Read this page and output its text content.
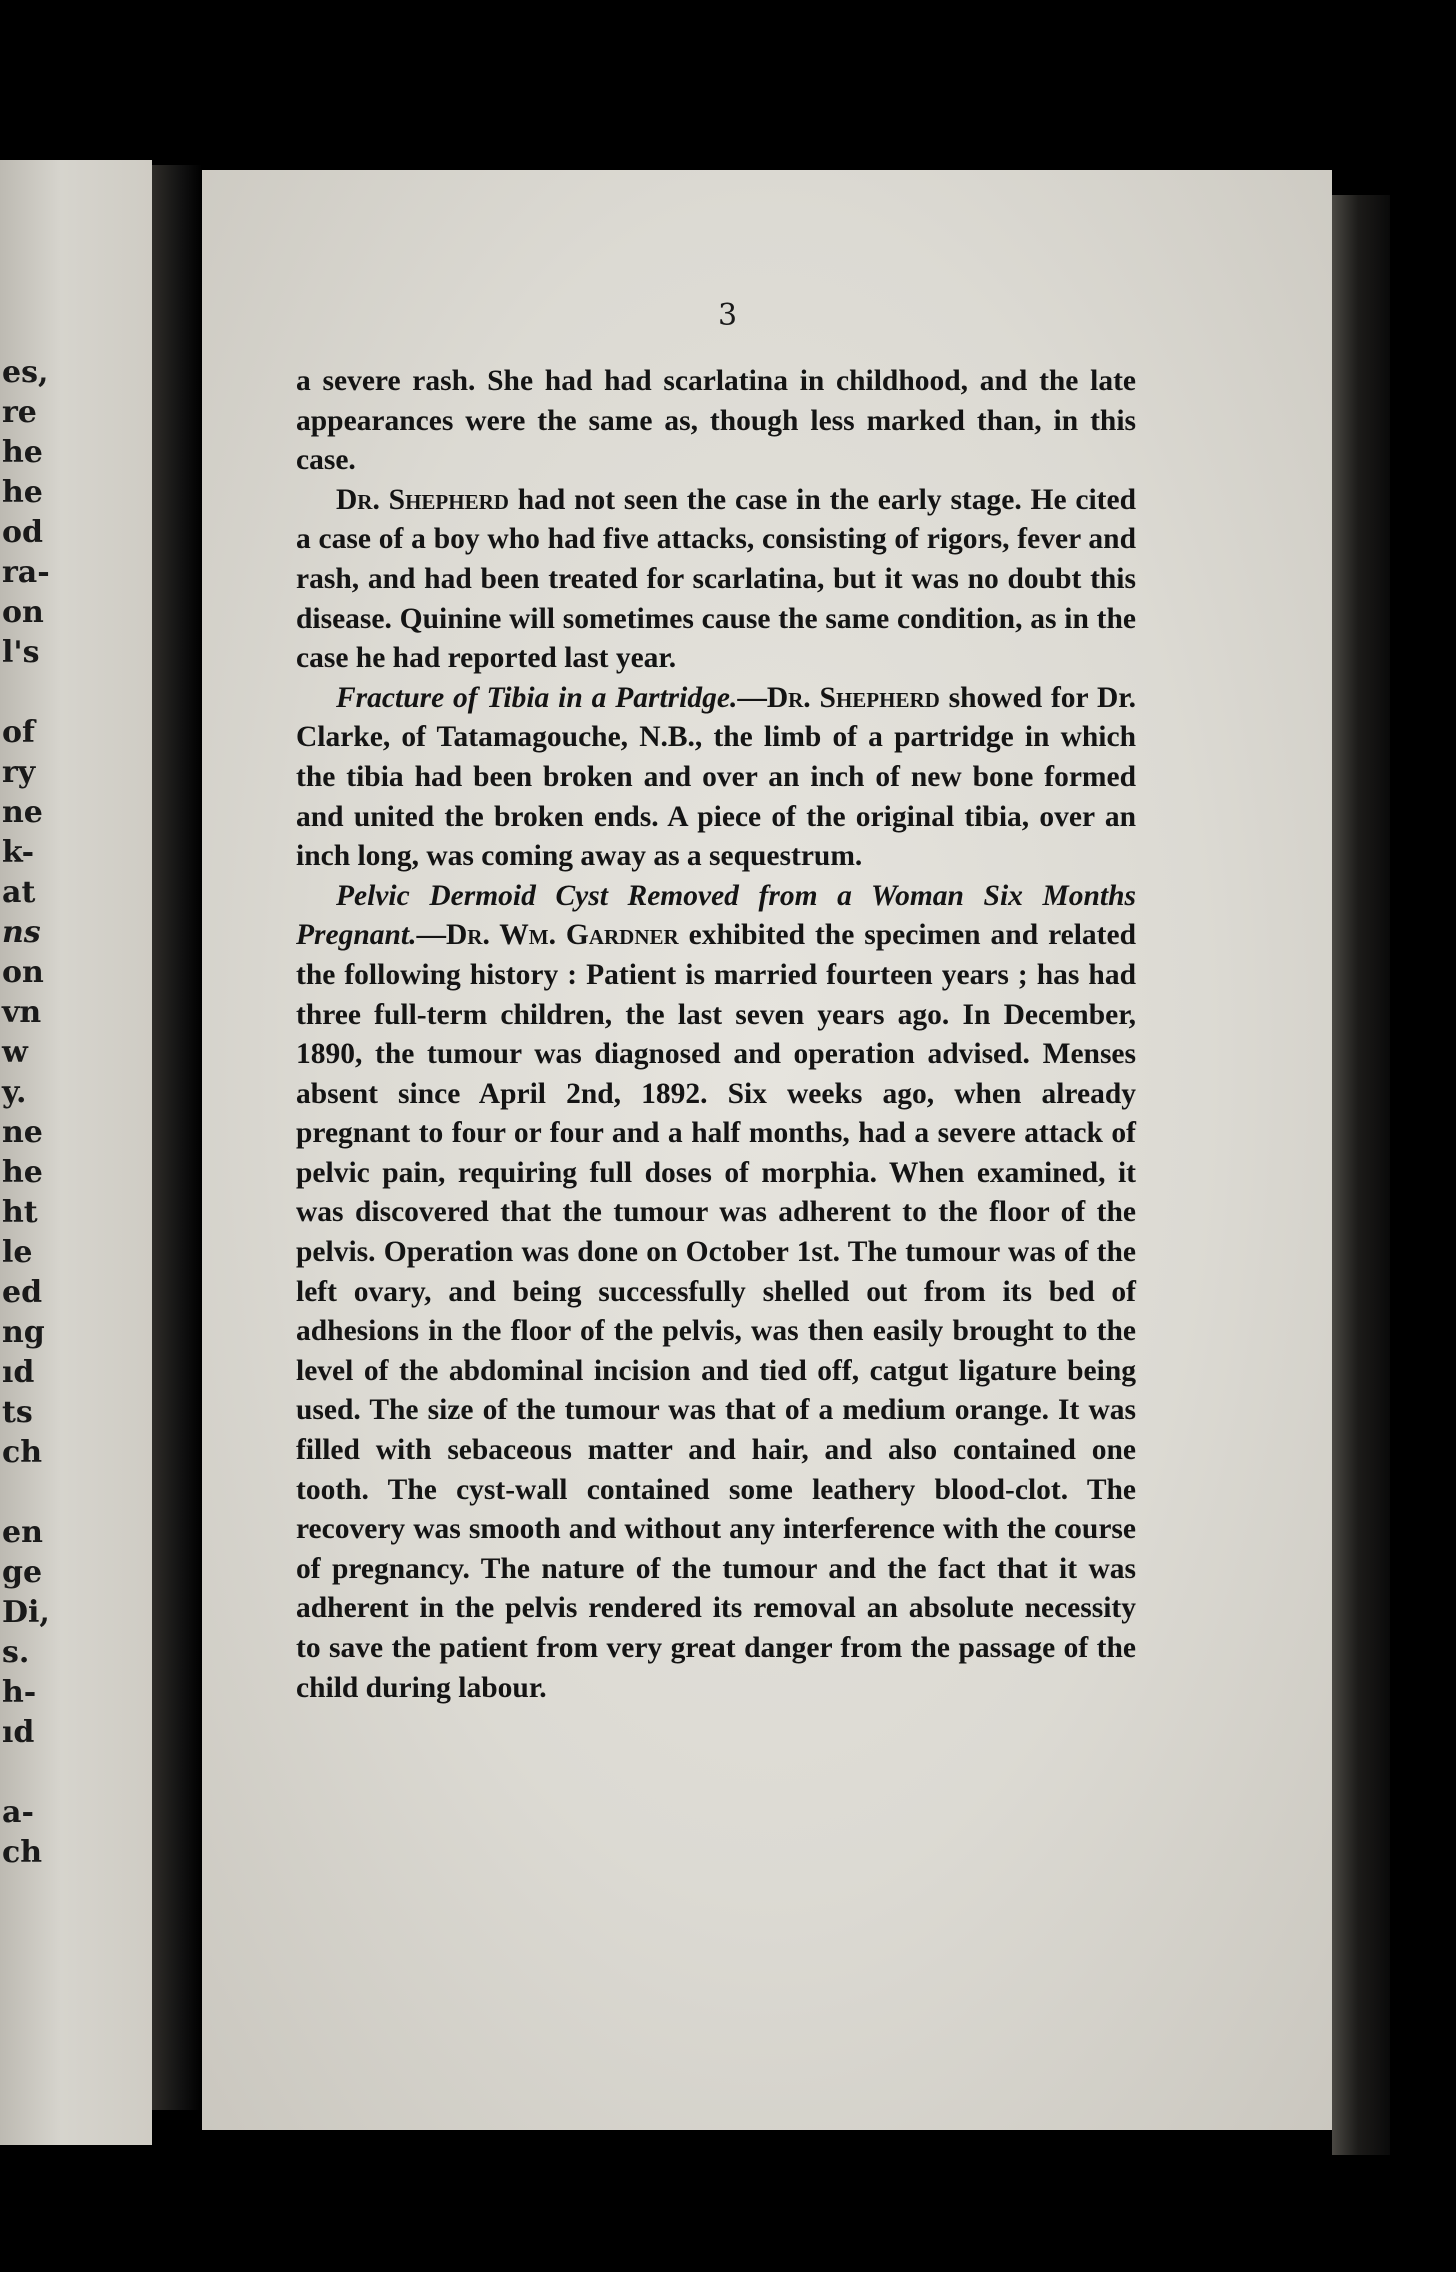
es,
re
he
he
od
ra-
on
l's
of
ry
ne
k-
at
ns
on
vn
w
y.
ne
he
ht
le
ed
ng
ıd
ts
ch
en
ge
Di,
s.
h-
ıd
a-
ch
3

a severe rash. She had had scarlatina in childhood, and the late appearances were the same as, though less marked than, in this case.

Dr. Shepherd had not seen the case in the early stage. He cited a case of a boy who had five attacks, consisting of rigors, fever and rash, and had been treated for scarlatina, but it was no doubt this disease. Quinine will sometimes cause the same condition, as in the case he had reported last year.

Fracture of Tibia in a Partridge.—Dr. Shepherd showed for Dr. Clarke, of Tatamagouche, N.B., the limb of a partridge in which the tibia had been broken and over an inch of new bone formed and united the broken ends. A piece of the original tibia, over an inch long, was coming away as a sequestrum.

Pelvic Dermoid Cyst Removed from a Woman Six Months Pregnant.—Dr. Wm. Gardner exhibited the specimen and related the following history : Patient is married fourteen years ; has had three full-term children, the last seven years ago. In December, 1890, the tumour was diagnosed and operation advised. Menses absent since April 2nd, 1892. Six weeks ago, when already pregnant to four or four and a half months, had a severe attack of pelvic pain, requiring full doses of morphia. When examined, it was discovered that the tumour was adherent to the floor of the pelvis. Operation was done on October 1st. The tumour was of the left ovary, and being successfully shelled out from its bed of adhesions in the floor of the pelvis, was then easily brought to the level of the abdominal incision and tied off, catgut ligature being used. The size of the tumour was that of a medium orange. It was filled with sebaceous matter and hair, and also contained one tooth. The cyst-wall contained some leathery blood-clot. The recovery was smooth and without any interference with the course of pregnancy. The nature of the tumour and the fact that it was adherent in the pelvis rendered its removal an absolute necessity to save the patient from very great danger from the passage of the child during labour.
